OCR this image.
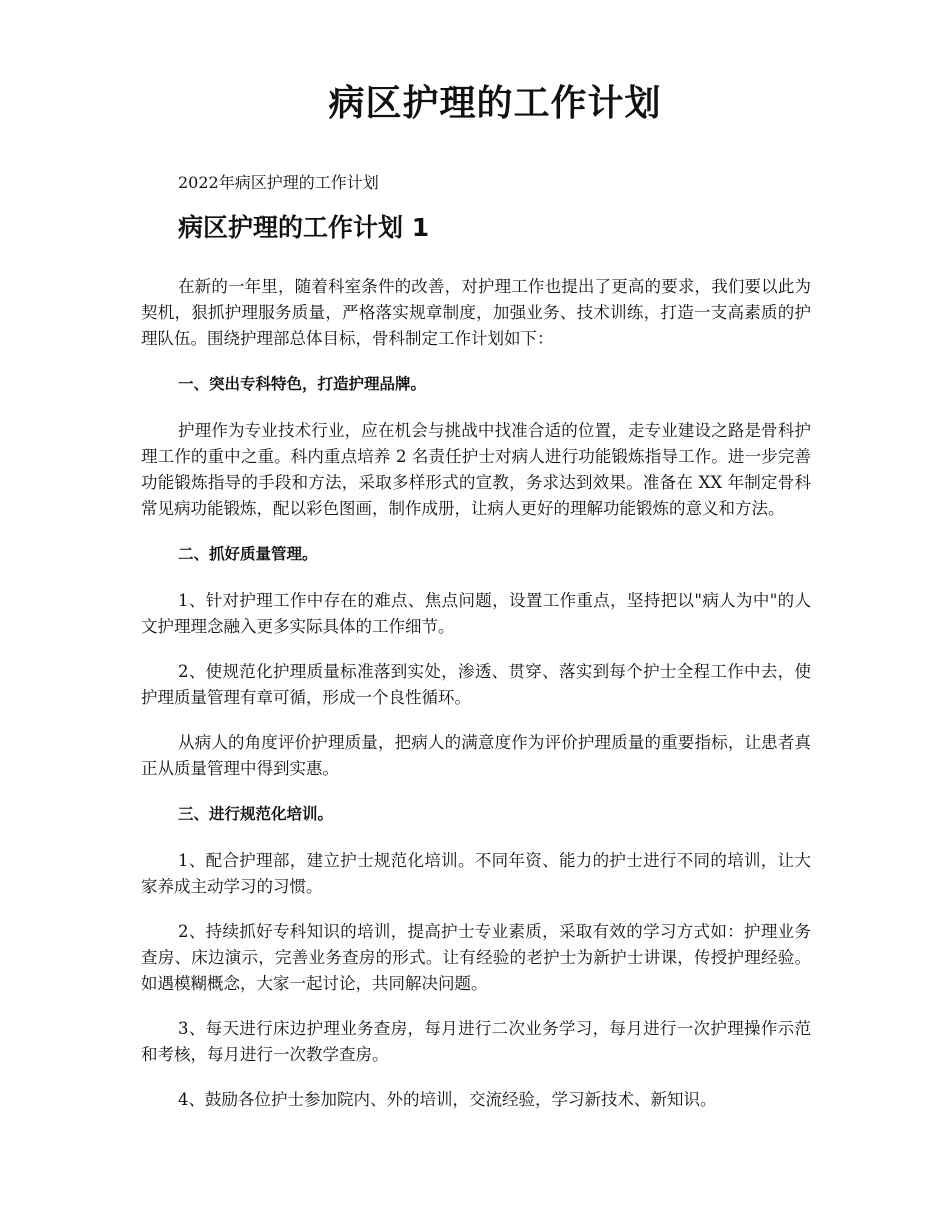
病区护理的工作计划

2022年病区护理的工作计划

病区护理的工作计划 1

在新的一年里，随着科室条件的改善，对护理工作也提出了更高的要求，我们要以此为契机，狠抓护理服务质量，严格落实规章制度，加强业务、技术训练，打造一支高素质的护理队伍。围绕护理部总体目标，骨科制定工作计划如下：

一、突出专科特色，打造护理品牌。

护理作为专业技术行业，应在机会与挑战中找准合适的位置，走专业建设之路是骨科护理工作的重中之重。科内重点培养 2 名责任护士对病人进行功能锻炼指导工作。进一步完善功能锻炼指导的手段和方法，采取多样形式的宣教，务求达到效果。准备在 XX 年制定骨科常见病功能锻炼，配以彩色图画，制作成册，让病人更好的理解功能锻炼的意义和方法。

二、抓好质量管理。

1、针对护理工作中存在的难点、焦点问题，设置工作重点，坚持把以"病人为中"的人文护理理念融入更多实际具体的工作细节。

2、使规范化护理质量标准落到实处，渗透、贯穿、落实到每个护士全程工作中去，使护理质量管理有章可循，形成一个良性循环。

从病人的角度评价护理质量，把病人的满意度作为评价护理质量的重要指标，让患者真正从质量管理中得到实惠。

三、进行规范化培训。

1、配合护理部，建立护士规范化培训。不同年资、能力的护士进行不同的培训，让大家养成主动学习的习惯。

2、持续抓好专科知识的培训，提高护士专业素质，采取有效的学习方式如：护理业务查房、床边演示，完善业务查房的形式。让有经验的老护士为新护士讲课，传授护理经验。如遇模糊概念，大家一起讨论，共同解决问题。

3、每天进行床边护理业务查房，每月进行二次业务学习，每月进行一次护理操作示范和考核，每月进行一次教学查房。

4、鼓励各位护士参加院内、外的培训，交流经验，学习新技术、新知识。
